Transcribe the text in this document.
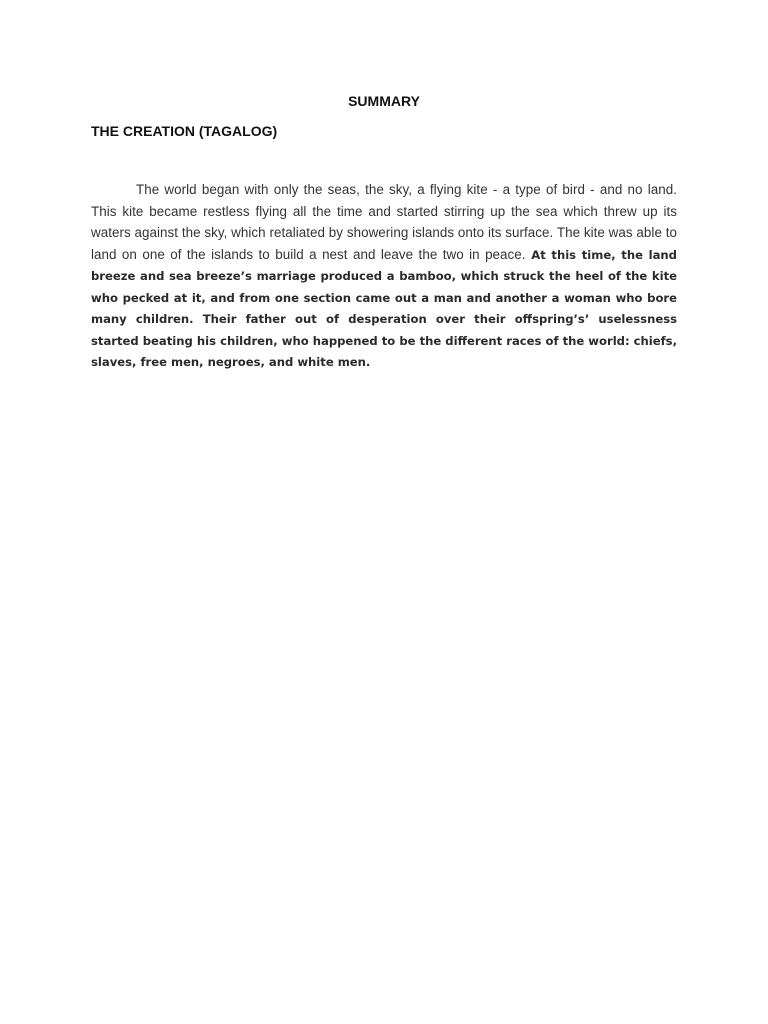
SUMMARY
THE CREATION (TAGALOG)

The world began with only the seas, the sky, a flying kite - a type of bird - and no land. This kite became restless flying all the time and started stirring up the sea which threw up its waters against the sky, which retaliated by showering islands onto its surface. The kite was able to land on one of the islands to build a nest and leave the two in peace. At this time, the land breeze and sea breeze’s marriage produced a bamboo, which struck the heel of the kite who pecked at it, and from one section came out a man and another a woman who bore many children. Their father out of desperation over their offspring’s’ uselessness started beating his children, who happened to be the different races of the world: chiefs, slaves, free men, negroes, and white men.
